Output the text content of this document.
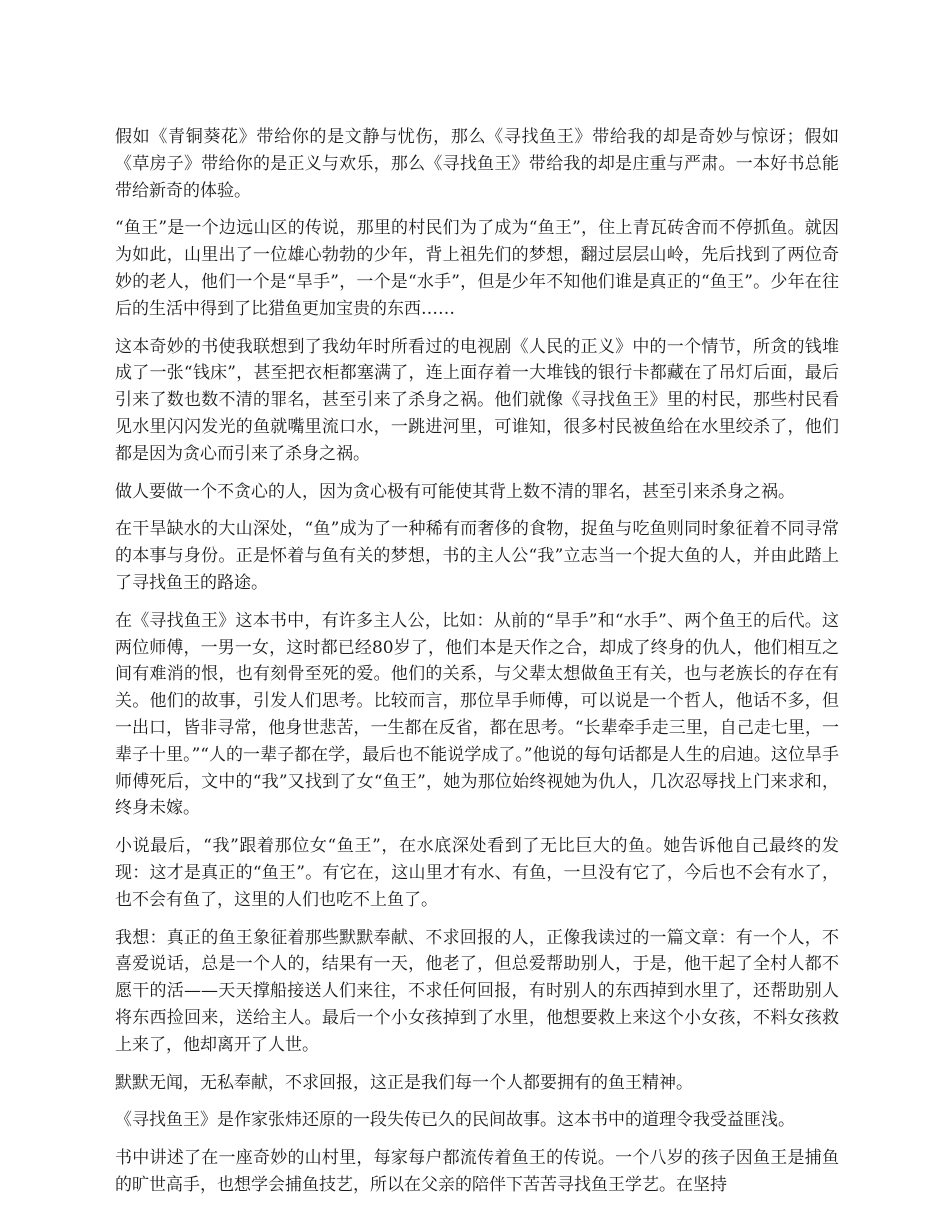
假如《青铜葵花》带给你的是文静与忧伤，那么《寻找鱼王》带给我的却是奇妙与惊讶；假如《草房子》带给你的是正义与欢乐，那么《寻找鱼王》带给我的却是庄重与严肃。一本好书总能带给新奇的体验。

“鱼王”是一个边远山区的传说，那里的村民们为了成为“鱼王”，住上青瓦砖舍而不停抓鱼。就因为如此，山里出了一位雄心勃勃的少年，背上祖先们的梦想，翻过层层山岭，先后找到了两位奇妙的老人，他们一个是“旱手”，一个是“水手”，但是少年不知他们谁是真正的“鱼王”。少年在往后的生活中得到了比猎鱼更加宝贵的东西……

这本奇妙的书使我联想到了我幼年时所看过的电视剧《人民的正义》中的一个情节，所贪的钱堆成了一张“钱床”，甚至把衣柜都塞满了，连上面存着一大堆钱的银行卡都藏在了吊灯后面，最后引来了数也数不清的罪名，甚至引来了杀身之祸。他们就像《寻找鱼王》里的村民，那些村民看见水里闪闪发光的鱼就嘴里流口水，一跳进河里，可谁知，很多村民被鱼给在水里绞杀了，他们都是因为贪心而引来了杀身之祸。

做人要做一个不贪心的人，因为贪心极有可能使其背上数不清的罪名，甚至引来杀身之祸。

在干旱缺水的大山深处，“鱼”成为了一种稀有而奢侈的食物，捉鱼与吃鱼则同时象征着不同寻常的本事与身份。正是怀着与鱼有关的梦想，书的主人公“我”立志当一个捉大鱼的人，并由此踏上了寻找鱼王的路途。

在《寻找鱼王》这本书中，有许多主人公，比如：从前的“旱手”和“水手”、两个鱼王的后代。这两位师傅，一男一女，这时都已经80岁了，他们本是天作之合，却成了终身的仇人，他们相互之间有难消的恨，也有刻骨至死的爱。他们的关系，与父辈太想做鱼王有关，也与老族长的存在有关。他们的故事，引发人们思考。比较而言，那位旱手师傅，可以说是一个哲人，他话不多，但一出口，皆非寻常，他身世悲苦，一生都在反省，都在思考。“长辈牵手走三里，自己走七里，一辈子十里。”“人的一辈子都在学，最后也不能说学成了。”他说的每句话都是人生的启迪。这位旱手师傅死后，文中的“我”又找到了女“鱼王”，她为那位始终视她为仇人，几次忍辱找上门来求和，终身未嫁。

小说最后，“我”跟着那位女“鱼王”，在水底深处看到了无比巨大的鱼。她告诉他自己最终的发现：这才是真正的“鱼王”。有它在，这山里才有水、有鱼，一旦没有它了，今后也不会有水了，也不会有鱼了，这里的人们也吃不上鱼了。

我想：真正的鱼王象征着那些默默奉献、不求回报的人，正像我读过的一篇文章：有一个人，不喜爱说话，总是一个人的，结果有一天，他老了，但总爱帮助别人，于是，他干起了全村人都不愿干的活——天天撑船接送人们来往，不求任何回报，有时别人的东西掉到水里了，还帮助别人将东西捡回来，送给主人。最后一个小女孩掉到了水里，他想要救上来这个小女孩，不料女孩救上来了，他却离开了人世。

默默无闻，无私奉献，不求回报，这正是我们每一个人都要拥有的鱼王精神。

《寻找鱼王》是作家张炜还原的一段失传已久的民间故事。这本书中的道理令我受益匪浅。

书中讲述了在一座奇妙的山村里，每家每户都流传着鱼王的传说。一个八岁的孩子因鱼王是捕鱼的旷世高手，也想学会捕鱼技艺，所以在父亲的陪伴下苦苦寻找鱼王学艺。在坚持
